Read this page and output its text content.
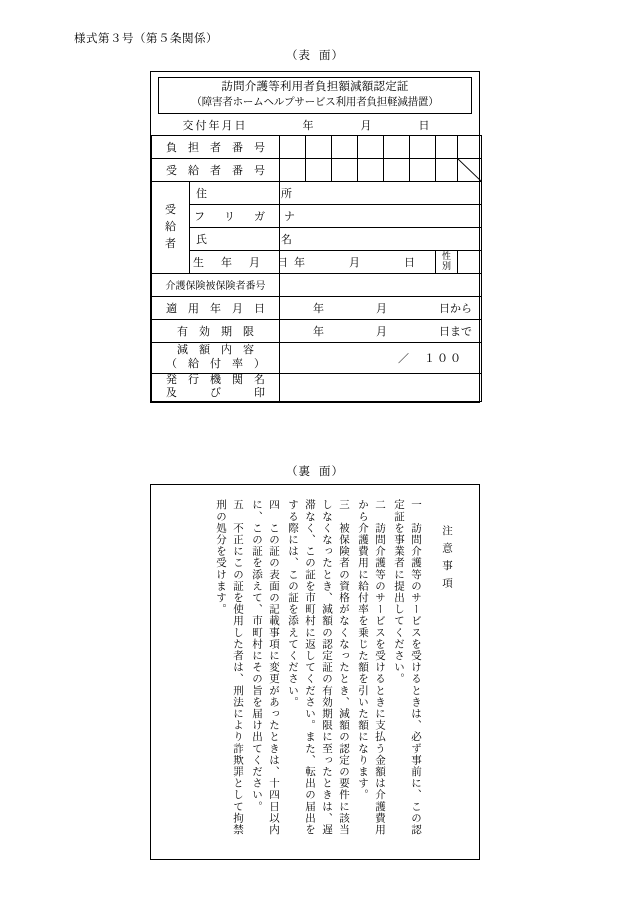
様式第３号（第５条関係）
（表 面）
訪問介護等利用者負担額減額認定証
（障害者ホームヘルプサービス利用者負担軽減措置）
交付年月日	年	月	日
負　担　者　番　号									
受　給　者　番　号								

受
給
者	住　　　　所								

	フ　リ　ガ　ナ								
	氏　　　　名								
	生　年　月　日	年 月 日						性
別	
介護保険被保険者番号									
適　用　年　月　日		年 月 日から							

有　効　期　限		年 月 日まで							

減　額　内　容
（　給　付　率　）		／　１００							

発　行　機　関　名
及　　　び　　　印									
（裏 面）
五　不正にこの証を使用した者は、刑法により詐欺罪として拘禁刑の処分を受けます。	四　この証の表面の記載事項に変更があったときは、十四日以内に、この証を添えて、市町村にその旨を届け出てください。	三　被保険者の資格がなくなったとき、減額の認定の要件に該当しなくなったとき、減額の認定証の有効期限に至ったときは、遅滞なく、この証を市町村に返してください。また、転出の届出をする際には、この証を添えてください。	二　訪問介護等のサービスを受けるときに支払う金額は介護費用から介護費用に給付率を乗じた額を引いた額になります。	一　訪問介護等のサービスを受けるときは、必ず事前に、この認定証を事業者に提出してください。	注意事項
